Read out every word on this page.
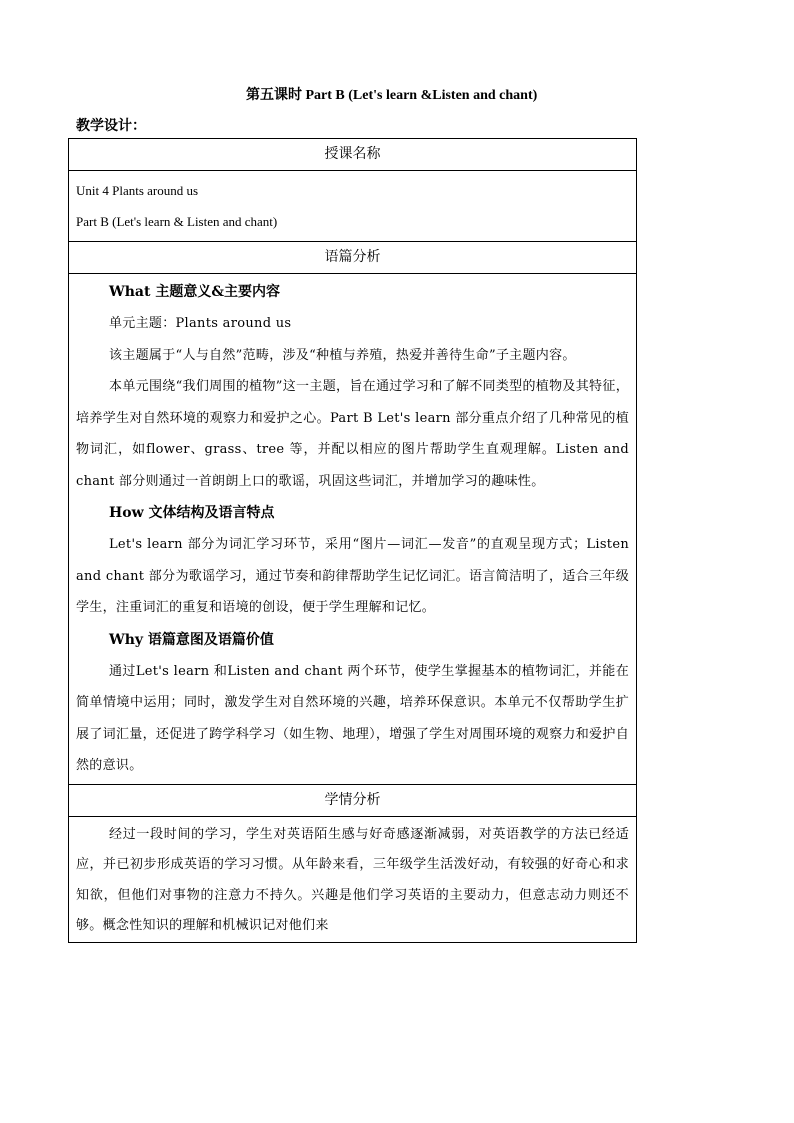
第五课时 Part B (Let's learn &Listen and chant)
教学设计：
授课名称

Unit 4 Plants around us
Part B (Let's learn & Listen and chant)

语篇分析

What 主题意义&主要内容

单元主题：Plants around us

该主题属于“人与自然”范畴，涉及“种植与养殖，热爱并善待生命”子主题内容。

本单元围绕“我们周围的植物”这一主题，旨在通过学习和了解不同类型的植物及其特征，培养学生对自然环境的观察力和爱护之心。Part B Let's learn 部分重点介绍了几种常见的植物词汇，如flower、grass、tree 等，并配以相应的图片帮助学生直观理解。Listen and chant 部分则通过一首朗朗上口的歌谣，巩固这些词汇，并增加学习的趣味性。

How 文体结构及语言特点

Let's learn 部分为词汇学习环节，采用“图片—词汇—发音”的直观呈现方式；Listen and chant 部分为歌谣学习，通过节奏和韵律帮助学生记忆词汇。语言简洁明了，适合三年级学生，注重词汇的重复和语境的创设，便于学生理解和记忆。

Why 语篇意图及语篇价值

通过Let's learn 和Listen and chant 两个环节，使学生掌握基本的植物词汇，并能在简单情境中运用；同时，激发学生对自然环境的兴趣，培养环保意识。本单元不仅帮助学生扩展了词汇量，还促进了跨学科学习（如生物、地理），增强了学生对周围环境的观察力和爱护自然的意识。

学情分析

经过一段时间的学习，学生对英语陌生感与好奇感逐渐减弱，对英语教学的方法已经适应，并已初步形成英语的学习习惯。从年龄来看，三年级学生活泼好动，有较强的好奇心和求知欲，但他们对事物的注意力不持久。兴趣是他们学习英语的主要动力，但意志动力则还不够。概念性知识的理解和机械识记对他们来
